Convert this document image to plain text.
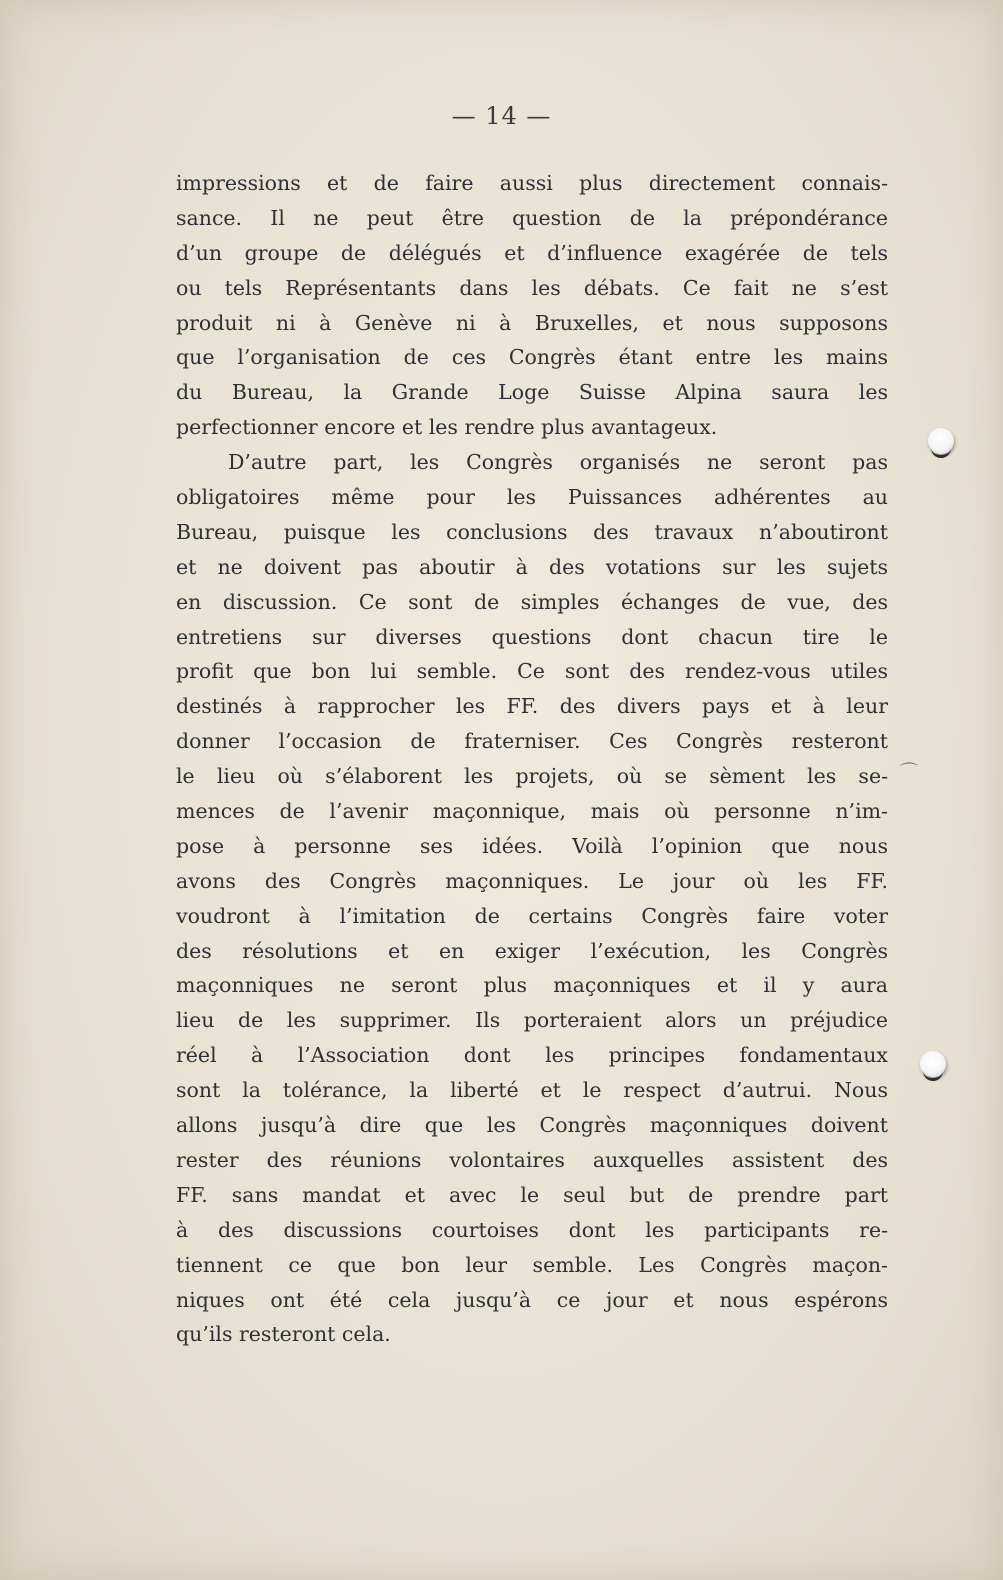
— 14 —
impressions et de faire aussi plus directement connais-
sance. Il ne peut être question de la prépondérance
d’un groupe de délégués et d’influence exagérée de tels
ou tels Représentants dans les débats. Ce fait ne s’est
produit ni à Genève ni à Bruxelles, et nous supposons
que l’organisation de ces Congrès étant entre les mains
du Bureau, la Grande Loge Suisse Alpina saura les
perfectionner encore et les rendre plus avantageux.
D’autre part, les Congrès organisés ne seront pas
obligatoires même pour les Puissances adhérentes au
Bureau, puisque les conclusions des travaux n’aboutiront
et ne doivent pas aboutir à des votations sur les sujets
en discussion. Ce sont de simples échanges de vue, des
entretiens sur diverses questions dont chacun tire le
profit que bon lui semble. Ce sont des rendez-vous utiles
destinés à rapprocher les FF. des divers pays et à leur
donner l’occasion de fraterniser. Ces Congrès resteront
le lieu où s’élaborent les projets, où se sèment les se-
mences de l’avenir maçonnique, mais où personne n’im-
pose à personne ses idées. Voilà l’opinion que nous
avons des Congrès maçonniques. Le jour où les FF.
voudront à l’imitation de certains Congrès faire voter
des résolutions et en exiger l’exécution, les Congrès
maçonniques ne seront plus maçonniques et il y aura
lieu de les supprimer. Ils porteraient alors un préjudice
réel à l’Association dont les principes fondamentaux
sont la tolérance, la liberté et le respect d’autrui. Nous
allons jusqu’à dire que les Congrès maçonniques doivent
rester des réunions volontaires auxquelles assistent des
FF. sans mandat et avec le seul but de prendre part
à des discussions courtoises dont les participants re-
tiennent ce que bon leur semble. Les Congrès maçon-
niques ont été cela jusqu’à ce jour et nous espérons
qu’ils resteront cela.
⌒
